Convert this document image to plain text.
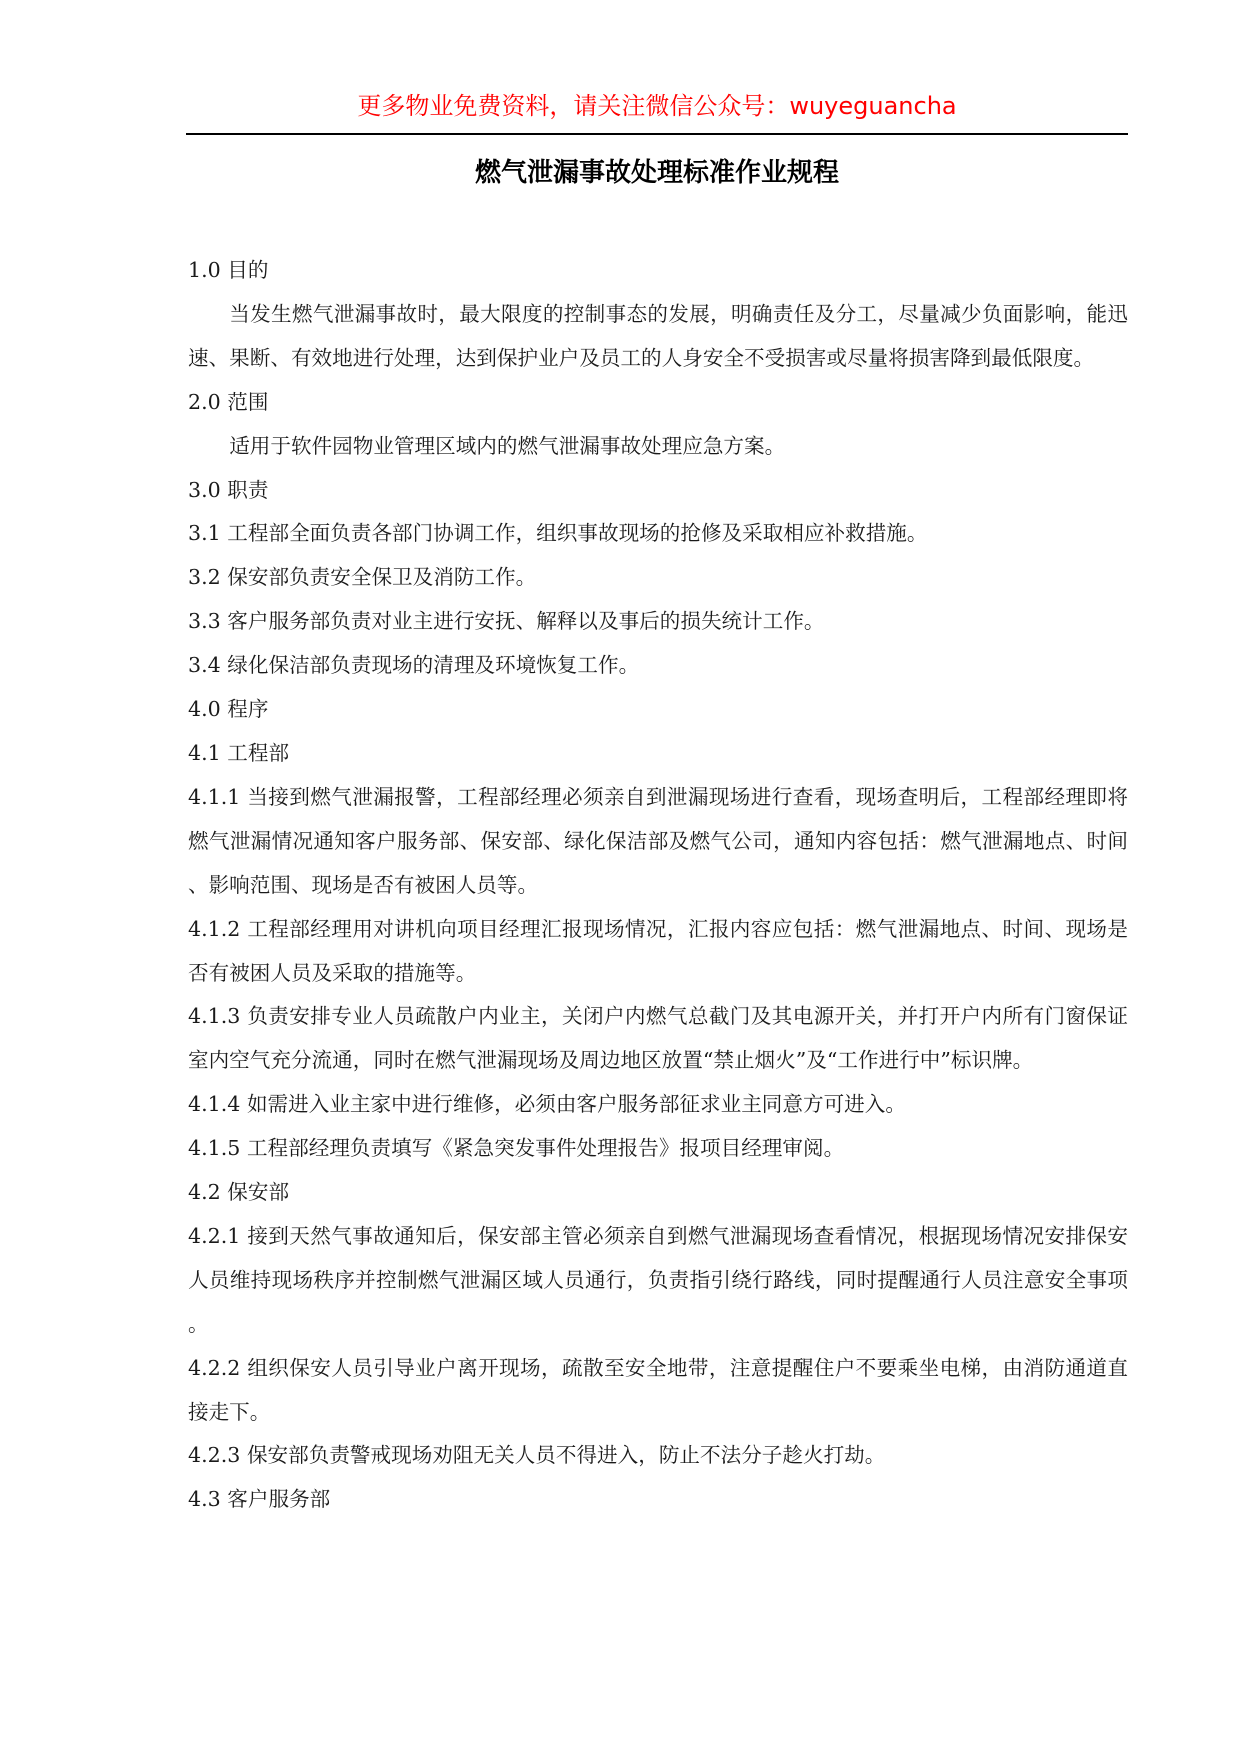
更多物业免费资料，请关注微信公众号：wuyeguancha
燃气泄漏事故处理标准作业规程

1.0 目的

当发生燃气泄漏事故时，最大限度的控制事态的发展，明确责任及分工，尽量减少负面影响，能迅速、果断、有效地进行处理，达到保护业户及员工的人身安全不受损害或尽量将损害降到最低限度。

2.0 范围

适用于软件园物业管理区域内的燃气泄漏事故处理应急方案。

3.0 职责

3.1 工程部全面负责各部门协调工作，组织事故现场的抢修及采取相应补救措施。

3.2 保安部负责安全保卫及消防工作。

3.3 客户服务部负责对业主进行安抚、解释以及事后的损失统计工作。

3.4 绿化保洁部负责现场的清理及环境恢复工作。

4.0 程序

4.1 工程部

4.1.1 当接到燃气泄漏报警，工程部经理必须亲自到泄漏现场进行查看，现场查明后，工程部经理即将燃气泄漏情况通知客户服务部、保安部、绿化保洁部及燃气公司，通知内容包括：燃气泄漏地点、时间、影响范围、现场是否有被困人员等。

4.1.2 工程部经理用对讲机向项目经理汇报现场情况，汇报内容应包括：燃气泄漏地点、时间、现场是否有被困人员及采取的措施等。

4.1.3 负责安排专业人员疏散户内业主，关闭户内燃气总截门及其电源开关，并打开户内所有门窗保证室内空气充分流通，同时在燃气泄漏现场及周边地区放置“禁止烟火”及“工作进行中”标识牌。

4.1.4 如需进入业主家中进行维修，必须由客户服务部征求业主同意方可进入。

4.1.5 工程部经理负责填写《紧急突发事件处理报告》报项目经理审阅。

4.2 保安部

4.2.1 接到天然气事故通知后，保安部主管必须亲自到燃气泄漏现场查看情况，根据现场情况安排保安人员维持现场秩序并控制燃气泄漏区域人员通行，负责指引绕行路线，同时提醒通行人员注意安全事项。

4.2.2 组织保安人员引导业户离开现场，疏散至安全地带，注意提醒住户不要乘坐电梯，由消防通道直接走下。

4.2.3 保安部负责警戒现场劝阻无关人员不得进入，防止不法分子趁火打劫。

4.3 客户服务部
